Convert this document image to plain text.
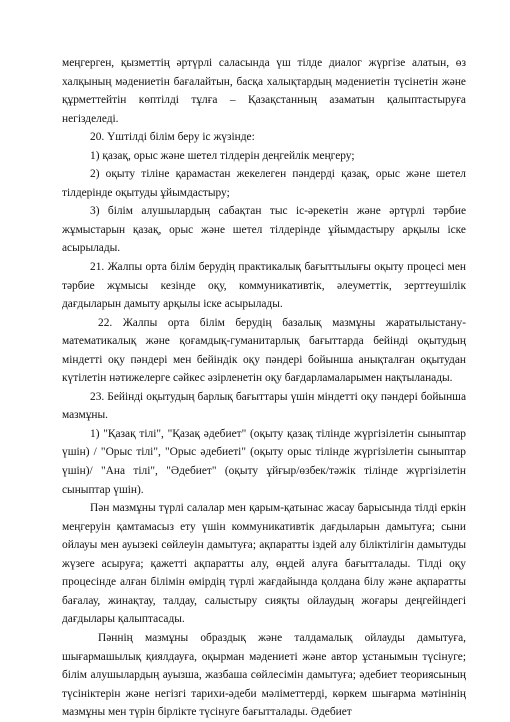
меңгерген, қызметтің әртүрлі саласында үш тілде диалог жүргізе алатын, өз халқының мәдениетін бағалайтын, басқа халықтардың мәдениетін түсінетін және құрметтейтін көптілді тұлға – Қазақстанның азаматын қалыптастыруға негізделеді.

20. Үштілді білім беру іс жүзінде:

1) қазақ, орыс және шетел тілдерін деңгейлік меңгеру;

2) оқыту тіліне қарамастан жекелеген пәндерді қазақ, орыс және шетел тілдерінде оқытуды ұйымдастыру;

3) білім алушылардың сабақтан тыс іс-әрекетін және әртүрлі тәрбие жұмыстарын қазақ, орыс және шетел тілдерінде ұйымдастыру арқылы іске асырылады.

21. Жалпы орта білім берудің практикалық бағыттылығы оқыту процесі мен тәрбие жұмысы кезінде оқу, коммуникативтік, әлеуметтік, зерттеушілік дағдыларын дамыту арқылы іске асырылады.

22. Жалпы орта білім берудің базалық мазмұны жаратылыстану-математикалық және қоғамдық-гуманитарлық бағыттарда бейінді оқытудың міндетті оқу пәндері мен бейіндік оқу пәндері бойынша анықталған оқытудан күтілетін нәтижелерге сәйкес әзірленетін оқу бағдарламаларымен нақтыланады.

23. Бейінді оқытудың барлық бағыттары үшін міндетті оқу пәндері бойынша мазмұны.

1) "Қазақ тілі", "Қазақ әдебиет" (оқыту қазақ тілінде жүргізілетін сыныптар үшін) / "Орыс тілі", "Орыс әдебиеті" (оқыту орыс тілінде жүргізілетін сыныптар үшін)/ "Ана тілі", "Әдебиет" (оқыту ұйғыр/өзбек/тәжік тілінде жүргізілетін сыныптар үшін).

Пән мазмұны түрлі салалар мен қарым-қатынас жасау барысында тілді еркін меңгеруін қамтамасыз ету үшін коммуникативтік дағдыларын дамытуға; сыни ойлауы мен ауызекі сөйлеуін дамытуға; ақпаратты іздей алу біліктілігін дамытуды жүзеге асыруға; қажетті ақпаратты алу, өңдей алуға бағытталады. Тілді оқу процесінде алған білімін өмірдің түрлі жағдайында қолдана білу және ақпаратты бағалау, жинақтау, талдау, салыстыру сияқты ойлаудың жоғары деңгейіндегі дағдылары қалыптасады.

Пәннің мазмұны образдық және талдамалық ойлауды дамытуға, шығармашылық қиялдауға, оқырман мәдениеті және автор ұстанымын түсінуге; білім алушылардың ауызша, жазбаша сөйлесімін дамытуға; әдебиет теориясының түсініктерін және негізгі тарихи-әдеби мәліметтерді, көркем шығарма мәтінінің мазмұны мен түрін бірлікте түсінуге бағытталады. Әдебиет
